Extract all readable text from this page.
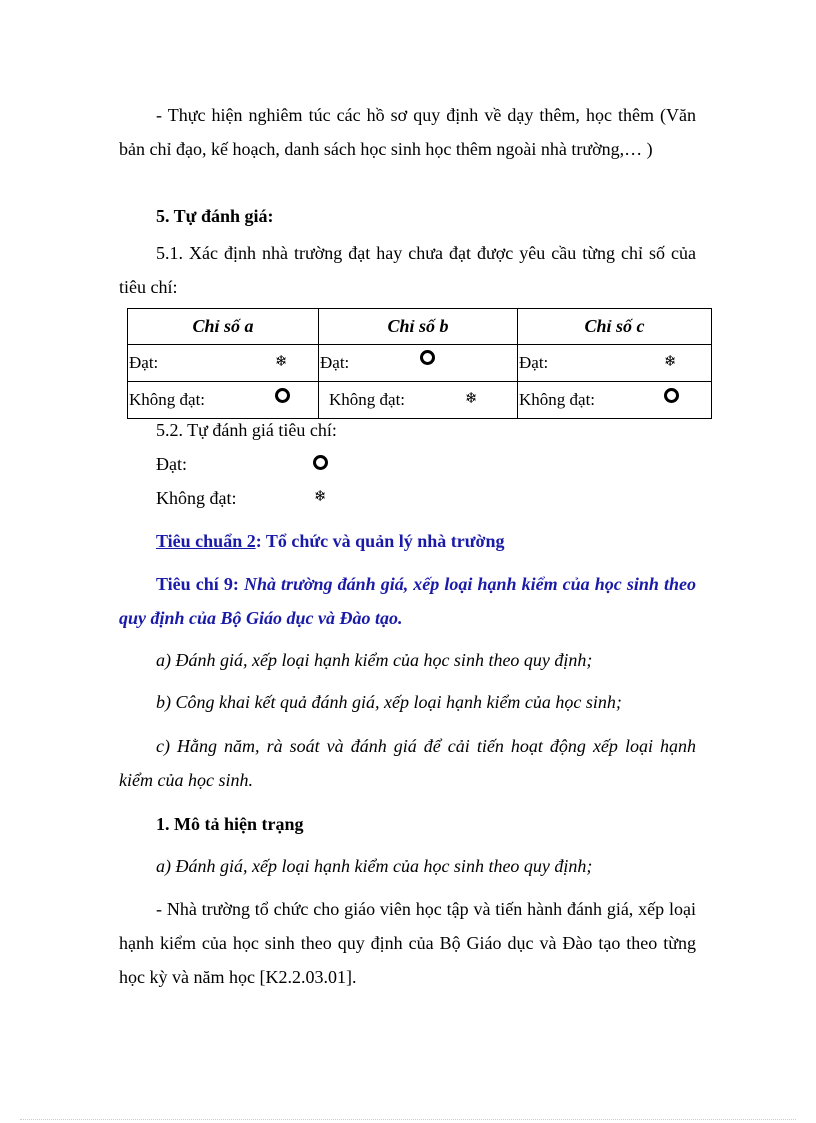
- Thực hiện nghiêm túc các hồ sơ quy định về dạy thêm, học thêm (Văn bản chỉ đạo, kế hoạch, danh sách học sinh học thêm ngoài nhà trường,… )
5. Tự đánh giá:
5.1. Xác định nhà trường đạt hay chưa đạt được yêu cầu từng chỉ số của tiêu chí:
Chỉ số a	Chỉ số b	Chỉ số c

Đạt: ❄	Đạt:	Đạt: ❄

Không đạt:	Không đạt: ❄	Không đạt:
5.2. Tự đánh giá tiêu chí:
Đạt:
Không đạt:	❄
Tiêu chuẩn 2: Tổ chức và quản lý nhà trường
Tiêu chí 9: Nhà trường đánh giá, xếp loại hạnh kiểm của học sinh theo quy định của Bộ Giáo dục và Đào tạo.
a) Đánh giá, xếp loại hạnh kiểm của học sinh theo quy định;
b) Công khai kết quả đánh giá, xếp loại hạnh kiểm của học sinh;
c) Hằng năm, rà soát và đánh giá để cải tiến hoạt động xếp loại hạnh kiểm của học sinh.
1. Mô tả hiện trạng
a) Đánh giá, xếp loại hạnh kiểm của học sinh theo quy định;
- Nhà trường tổ chức cho giáo viên học tập và tiến hành đánh giá, xếp loại hạnh kiểm của học sinh theo quy định của Bộ Giáo dục và Đào tạo theo từng học kỳ và năm học [K2.2.03.01].
